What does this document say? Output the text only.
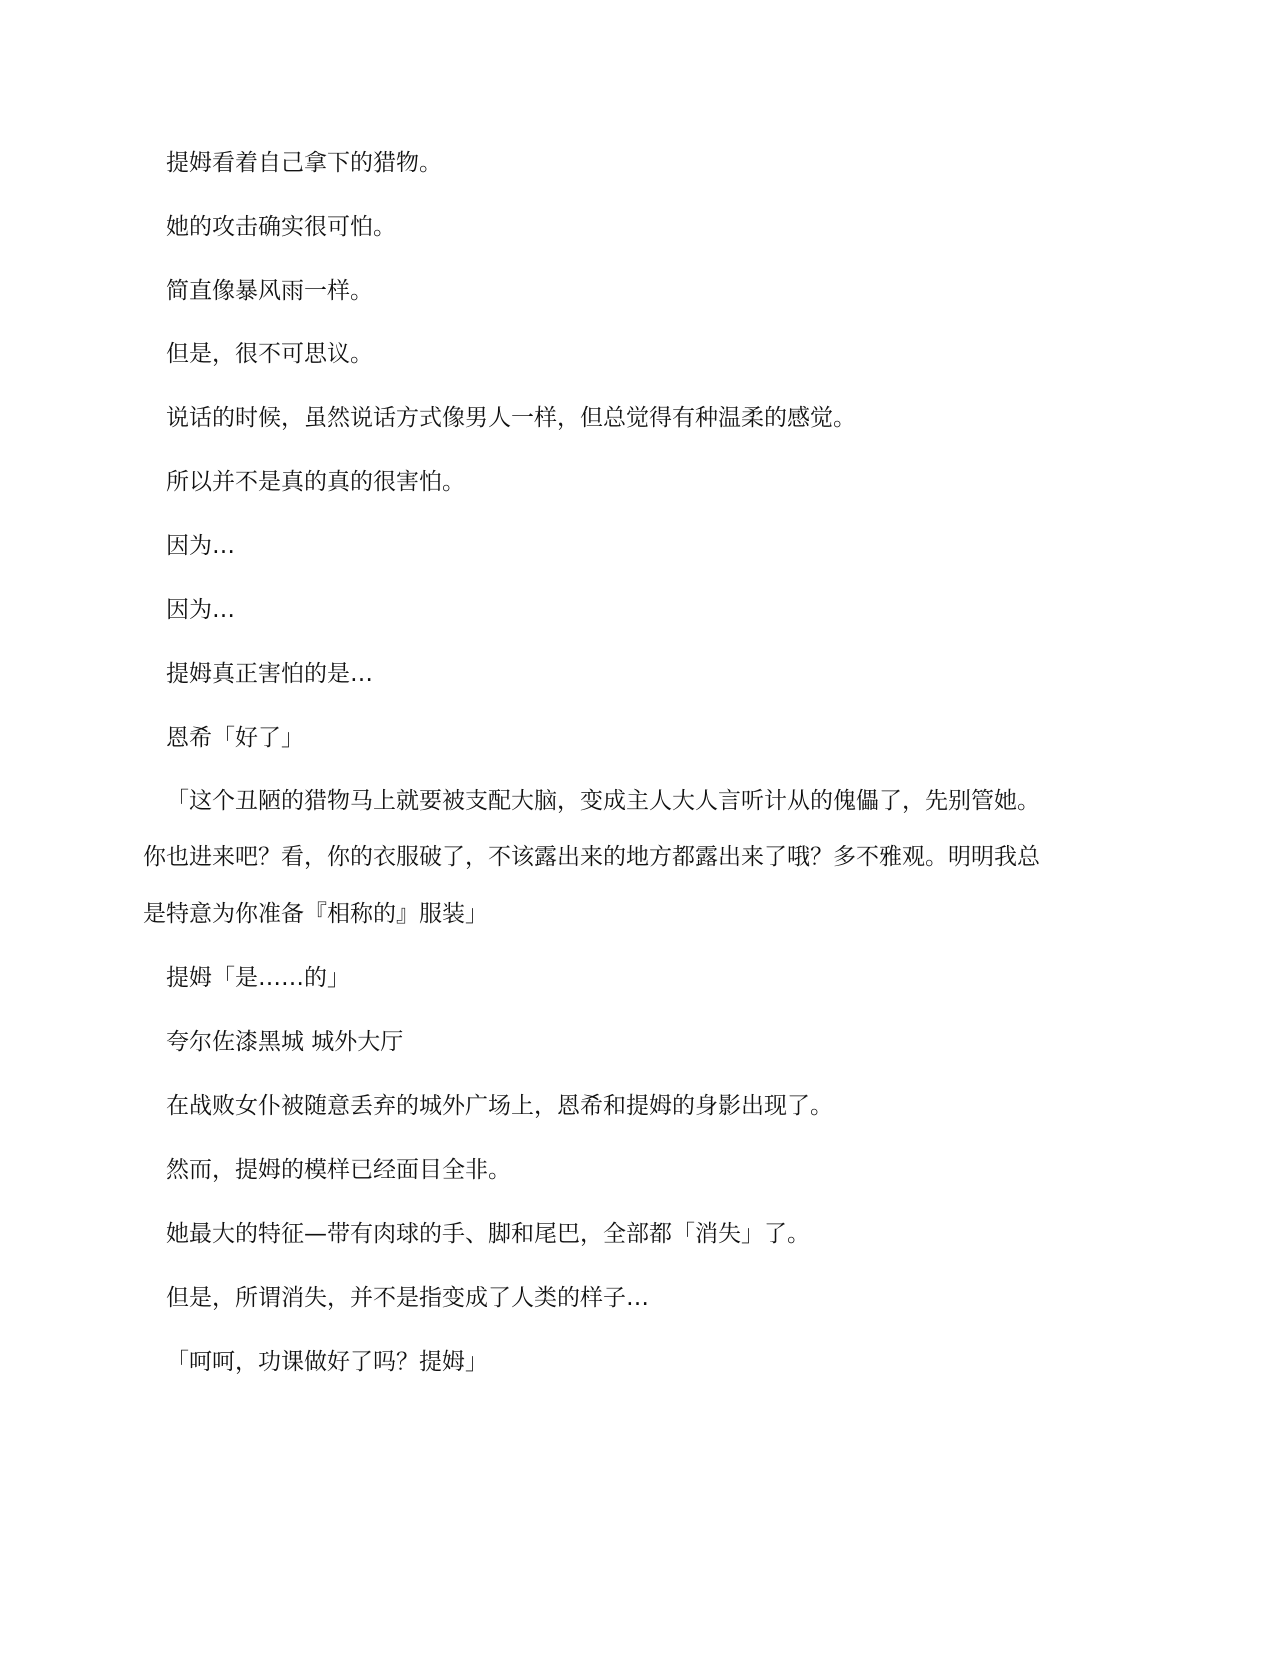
提姆看着自己拿下的猎物。
她的攻击确实很可怕。
简直像暴风雨一样。
但是，很不可思议。
说话的时候，虽然说话方式像男人一样，但总觉得有种温柔的感觉。
所以并不是真的真的很害怕。
因为…
因为…
提姆真正害怕的是…
恩希「好了」
「这个丑陋的猎物马上就要被支配大脑，变成主人大人言听计从的傀儡了，先别管她。
你也进来吧？看，你的衣服破了，不该露出来的地方都露出来了哦？多不雅观。明明我总
是特意为你准备『相称的』服装」
提姆「是……的」
夸尔佐漆黑城 城外大厅
在战败女仆被随意丢弃的城外广场上，恩希和提姆的身影出现了。
然而，提姆的模样已经面目全非。
她最大的特征—带有肉球的手、脚和尾巴，全部都「消失」了。
但是，所谓消失，并不是指变成了人类的样子…
「呵呵，功课做好了吗？提姆」
